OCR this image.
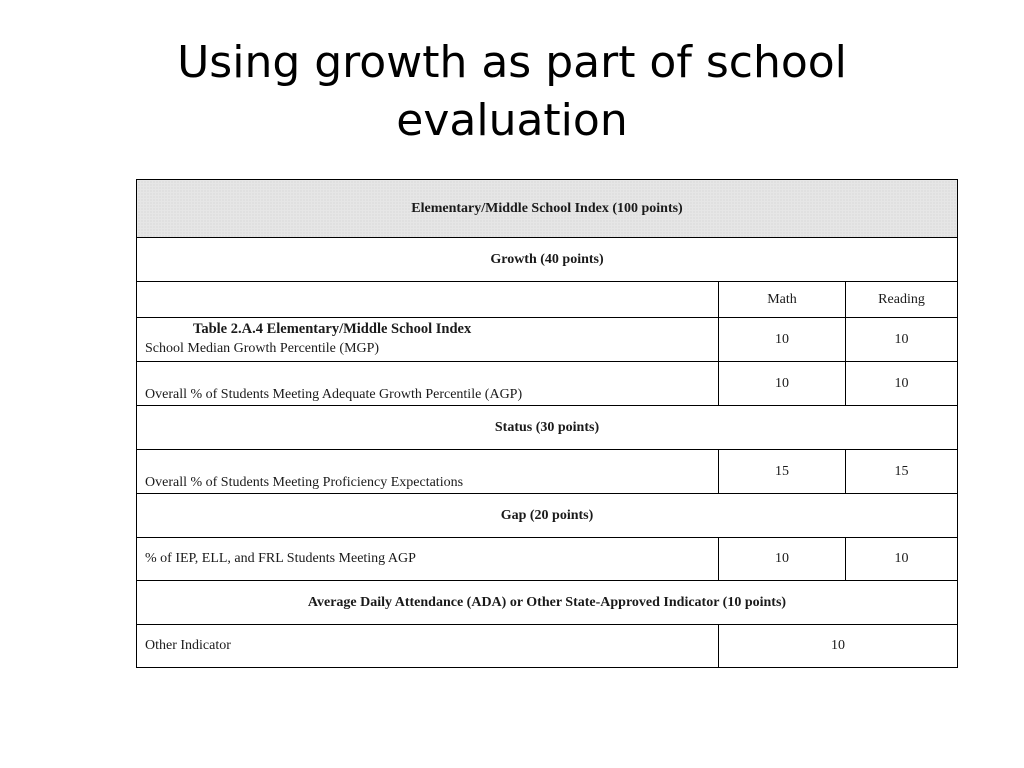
Using growth as part of school
evaluation
Elementary/Middle School Index (100 points)		
Growth (40 points)		
	Math	Reading

Table 2.A.4 Elementary/Middle School Index
School Median Growth Percentile (MGP)	10	10
Overall % of Students Meeting Adequate Growth Percentile (AGP)	10	10
Status (30 points)		
Overall % of Students Meeting Proficiency Expectations	15	15
Gap (20 points)		
% of IEP, ELL, and FRL Students Meeting AGP	10	10
Average Daily Attendance (ADA) or Other State-Approved Indicator (10 points)		
Other Indicator	10	
